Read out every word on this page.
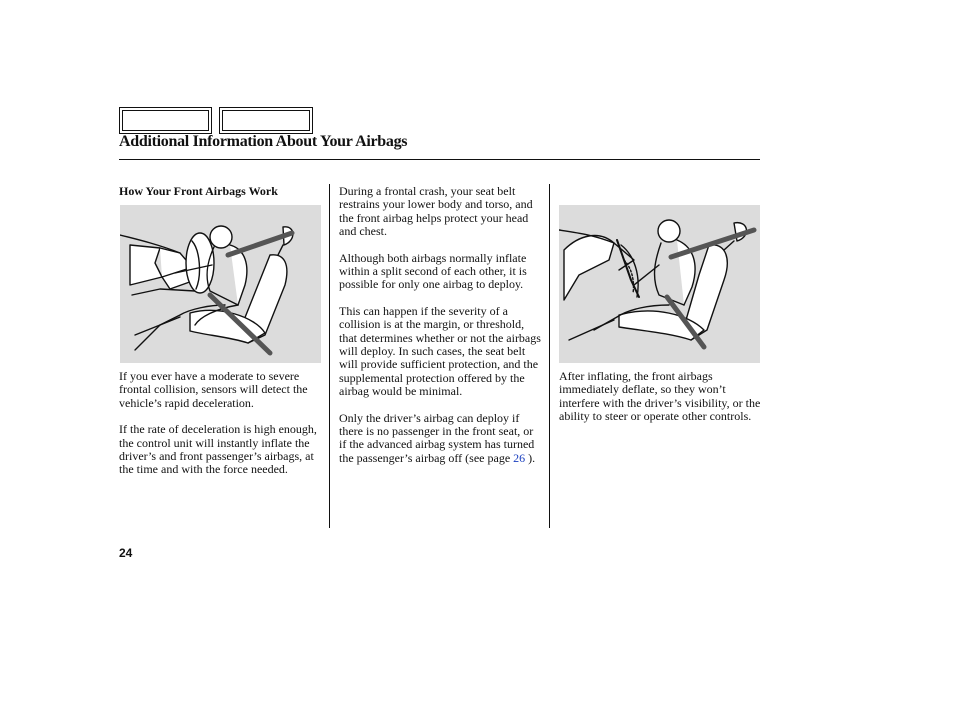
Additional Information About Your Airbags
How Your Front Airbags Work

If you ever have a moderate to severe frontal collision, sensors will detect the vehicle’s rapid deceleration.

If the rate of deceleration is high enough, the control unit will instantly inflate the driver’s and front passenger’s airbags, at the time and with the force needed.

During a frontal crash, your seat belt restrains your lower body and torso, and the front airbag helps protect your head and chest.

Although both airbags normally inflate within a split second of each other, it is possible for only one airbag to deploy.

This can happen if the severity of a collision is at the margin, or threshold, that determines whether or not the airbags will deploy. In such cases, the seat belt will provide sufficient protection, and the supplemental protection offered by the airbag would be minimal.

Only the driver’s airbag can deploy if there is no passenger in the front seat, or if the advanced airbag system has turned the passenger’s airbag off (see page 26 ).

After inflating, the front airbags immediately deflate, so they won’t interfere with the driver’s visibility, or the ability to steer or operate other controls.

24
